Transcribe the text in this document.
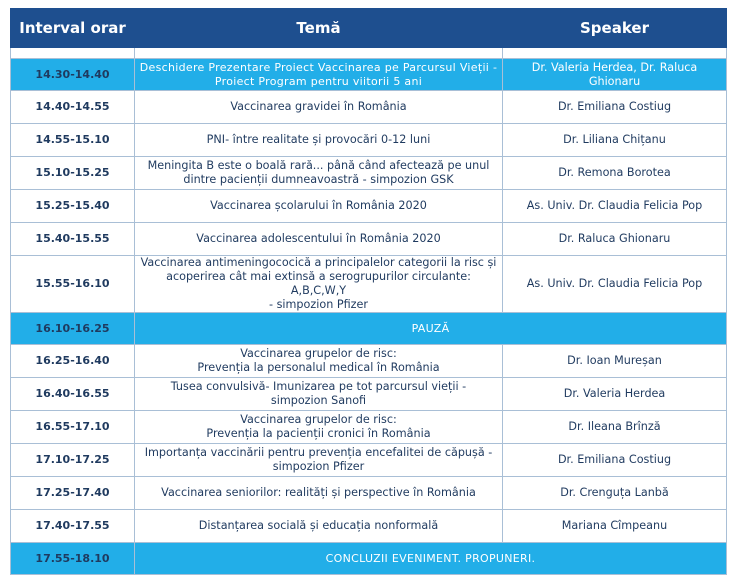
Interval orar	Temă	Speaker

14.30-14.40	Deschidere Prezentare Proiect Vaccinarea pe Parcursul Vieții -
Proiect Program pentru viitorii 5 ani	Dr. Valeria Herdea, Dr. Raluca Ghionaru
14.40-14.55	Vaccinarea gravidei în România	Dr. Emiliana Costiug
14.55-15.10	PNI- între realitate și provocări 0-12 luni	Dr. Liliana Chițanu
15.10-15.25	Meningita B este o boală rară... până când afectează pe unul
dintre pacienții dumneavoastră - simpozion GSK	Dr. Remona Borotea
15.25-15.40	Vaccinarea școlarului în România 2020	As. Univ. Dr. Claudia Felicia Pop
15.40-15.55	Vaccinarea adolescentului în România 2020	Dr. Raluca Ghionaru
15.55-16.10	Vaccinarea antimeningococică a principalelor categorii la risc și
acoperirea cât mai extinsă a serogrupurilor circulante: A,B,C,W,Y
- simpozion Pfizer	As. Univ. Dr. Claudia Felicia Pop
16.10-16.25	PAUZĂ	
16.25-16.40	Vaccinarea grupelor de risc:
Prevenția la personalul medical în România	Dr. Ioan Mureșan
16.40-16.55	Tusea convulsivă- Imunizarea pe tot parcursul vieții -
simpozion Sanofi	Dr. Valeria Herdea
16.55-17.10	Vaccinarea grupelor de risc:
Prevenția la pacienții cronici în România	Dr. Ileana Brînză
17.10-17.25	Importanța vaccinării pentru prevenția encefalitei de căpușă -
simpozion Pfizer	Dr. Emiliana Costiug
17.25-17.40	Vaccinarea seniorilor: realități și perspective în România	Dr. Crenguța Lanbă
17.40-17.55	Distanțarea socială și educația nonformală	Mariana Cîmpeanu
17.55-18.10	CONCLUZII EVENIMENT. PROPUNERI.	
